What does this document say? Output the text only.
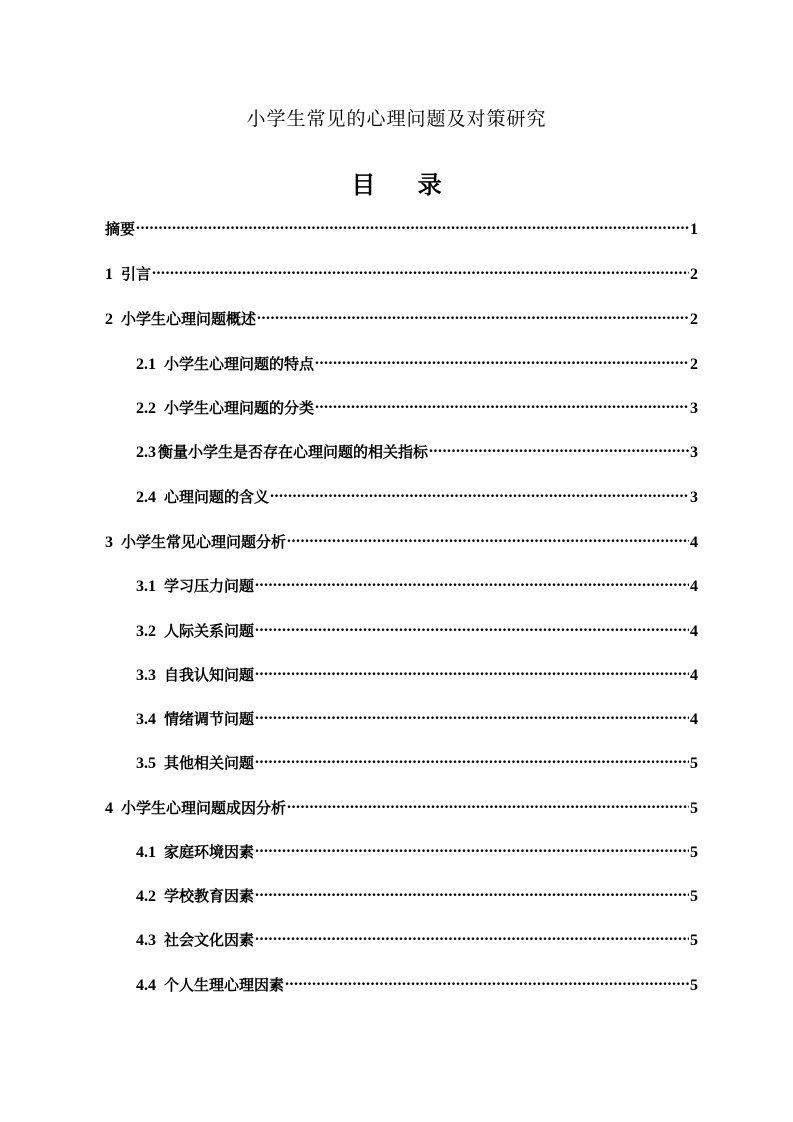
小学生常见的心理问题及对策研究
目 录
摘要 .....	1
1 引言 .....	2
2 小学生心理问题概述 .....	2
2.1 小学生心理问题的特点 .....	2
2.2 小学生心理问题的分类 .....	3
2.3 衡量小学生是否存在心理问题的相关指标 .....	3
2.4 心理问题的含义 .....	3
3 小学生常见心理问题分析 .....	4
3.1 学习压力问题 .....	4
3.2 人际关系问题 .....	4
3.3 自我认知问题 .....	4
3.4 情绪调节问题 .....	4
3.5 其他相关问题 .....	5
4 小学生心理问题成因分析 .....	5
4.1 家庭环境因素 .....	5
4.2 学校教育因素 .....	5
4.3 社会文化因素 .....	5
4.4 个人生理心理因素 .....	5
